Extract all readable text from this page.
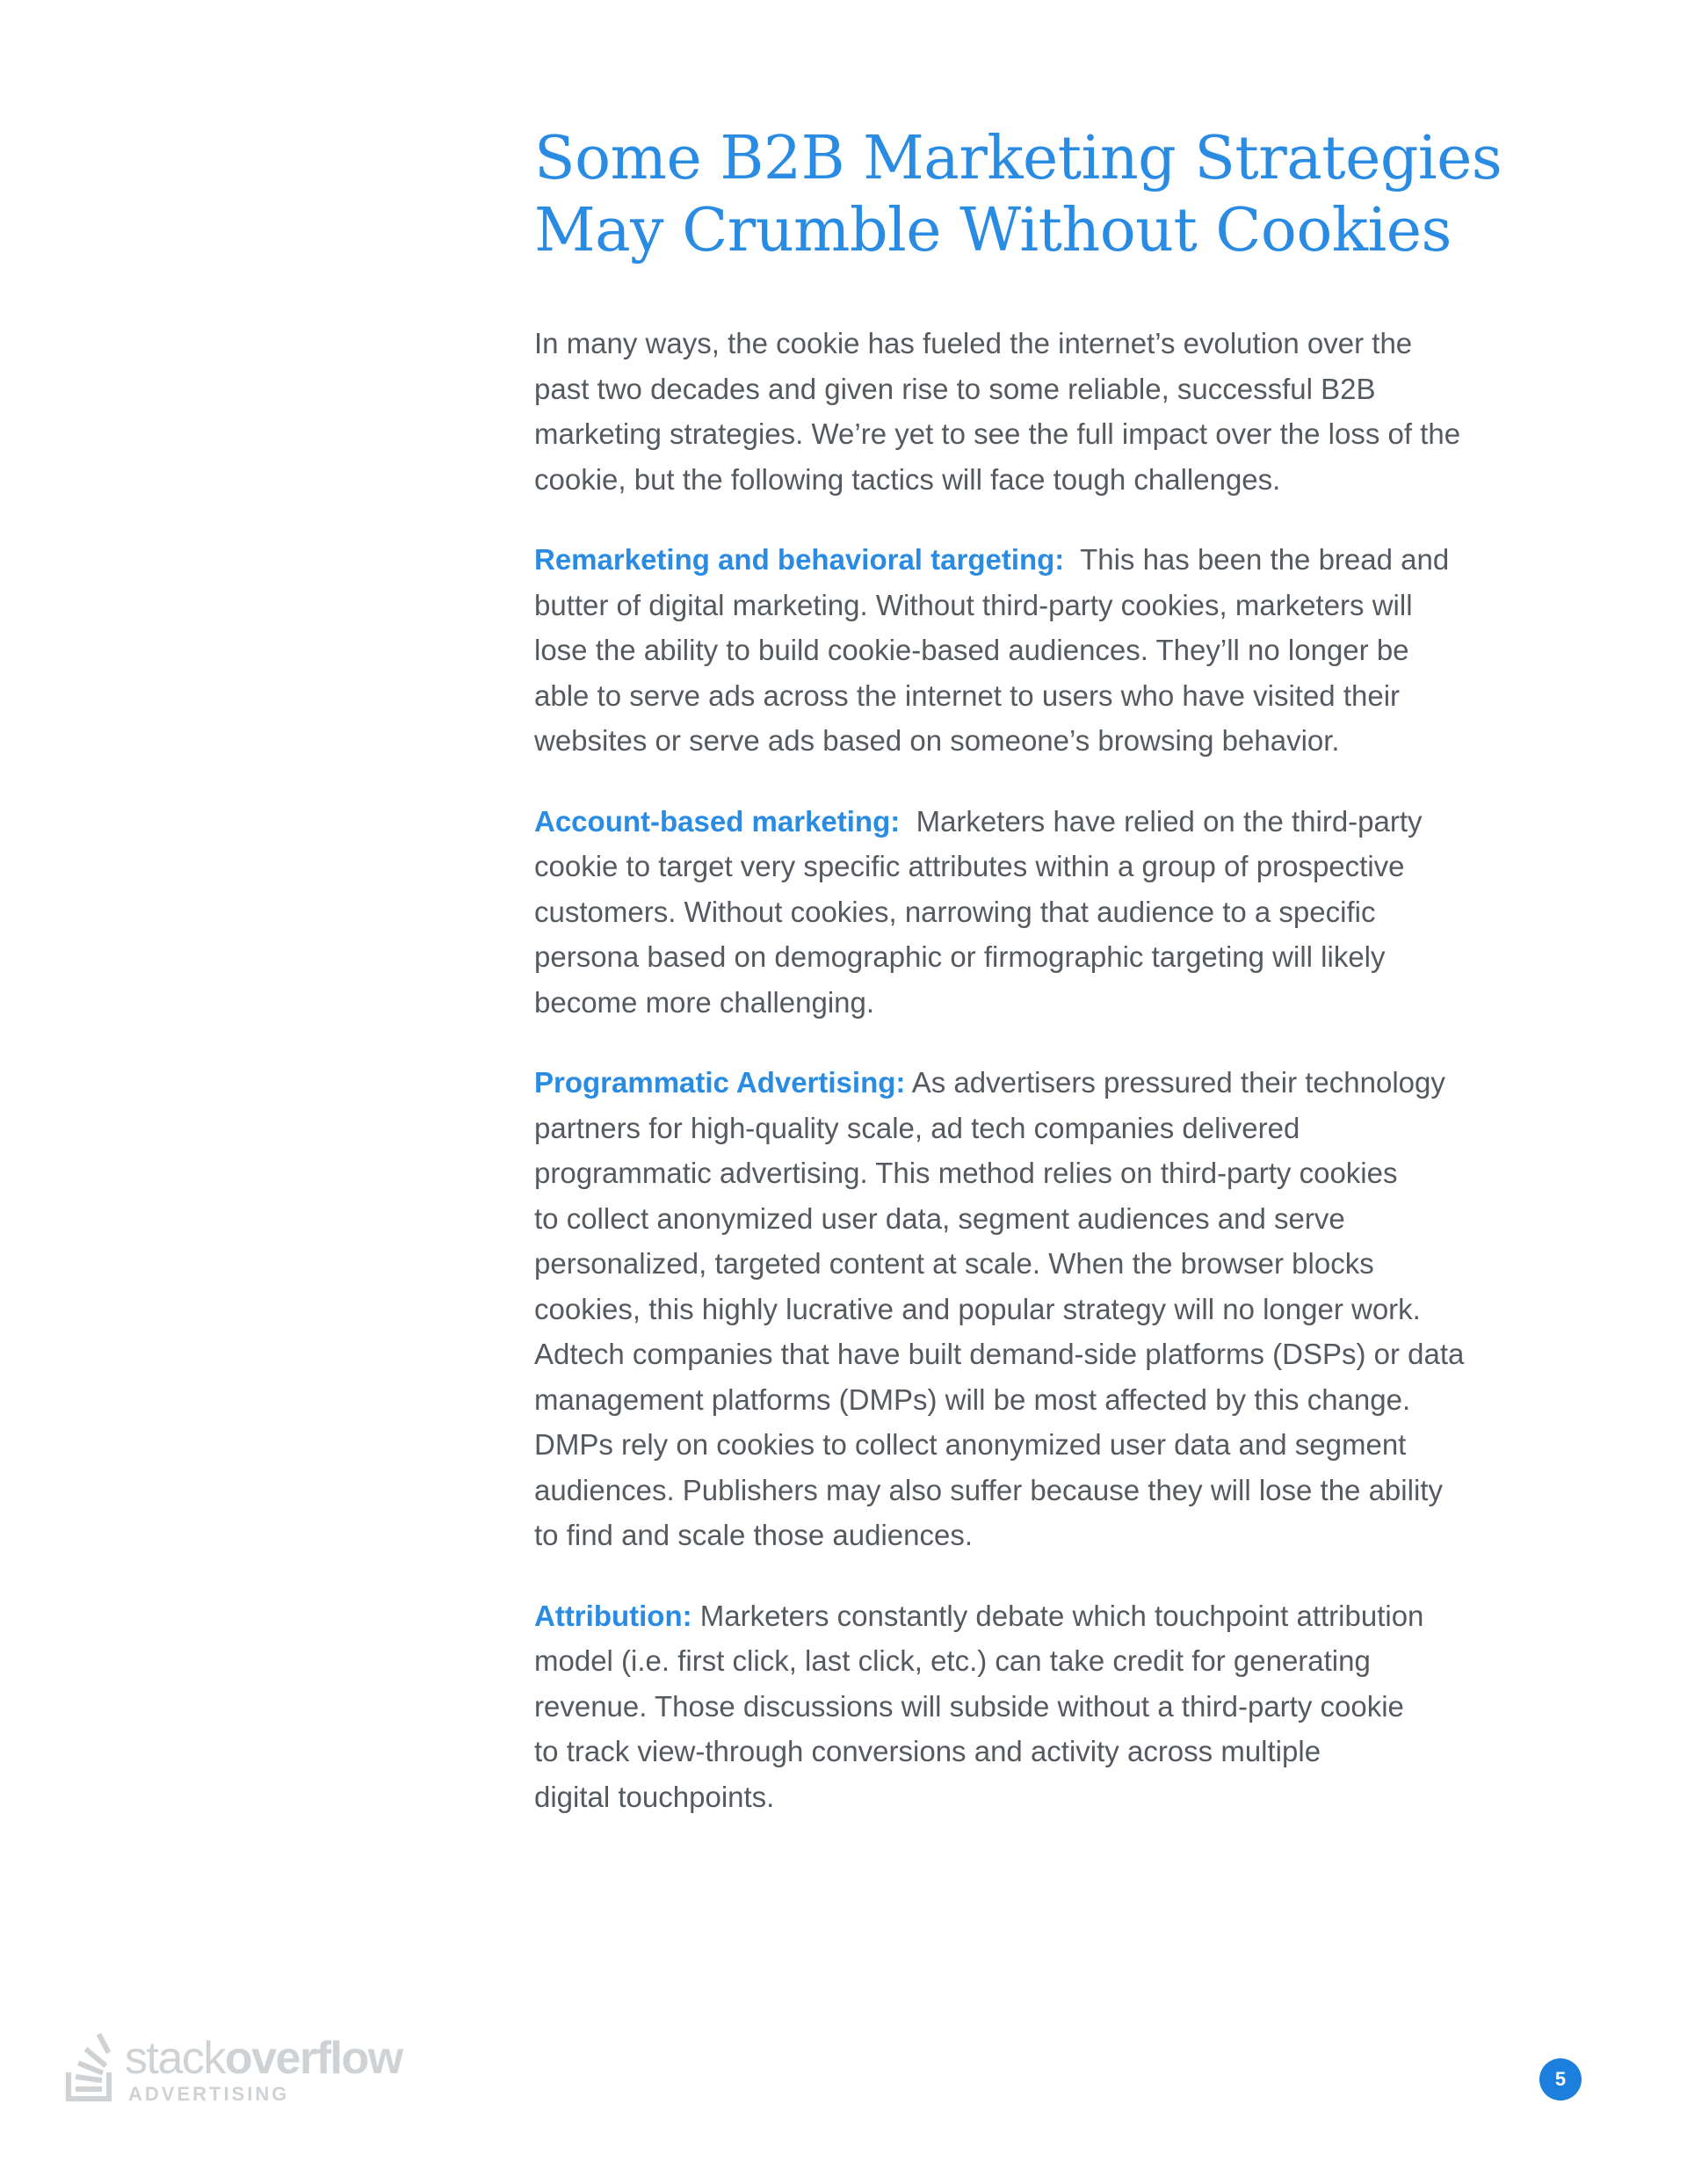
Some B2B Marketing Strategies
May Crumble Without Cookies

In many ways, the cookie has fueled the internet’s evolution over the
past two decades and given rise to some reliable, successful B2B
marketing strategies. We’re yet to see the full impact over the loss of the
cookie, but the following tactics will face tough challenges.

Remarketing and behavioral targeting: This has been the bread and
butter of digital marketing. Without third-party cookies, marketers will
lose the ability to build cookie-based audiences. They’ll no longer be
able to serve ads across the internet to users who have visited their
websites or serve ads based on someone’s browsing behavior.

Account-based marketing: Marketers have relied on the third-party
cookie to target very specific attributes within a group of prospective
customers. Without cookies, narrowing that audience to a specific
persona based on demographic or firmographic targeting will likely
become more challenging.

Programmatic Advertising: As advertisers pressured their technology
partners for high-quality scale, ad tech companies delivered
programmatic advertising. This method relies on third-party cookies
to collect anonymized user data, segment audiences and serve
personalized, targeted content at scale. When the browser blocks
cookies, this highly lucrative and popular strategy will no longer work.
Adtech companies that have built demand-side platforms (DSPs) or data
management platforms (DMPs) will be most affected by this change.
DMPs rely on cookies to collect anonymized user data and segment
audiences. Publishers may also suffer because they will lose the ability
to find and scale those audiences.

Attribution: Marketers constantly debate which touchpoint attribution
model (i.e. first click, last click, etc.) can take credit for generating
revenue. Those discussions will subside without a third-party cookie
to track view-through conversions and activity across multiple
digital touchpoints.

stackoverflow
ADVERTISING
5
